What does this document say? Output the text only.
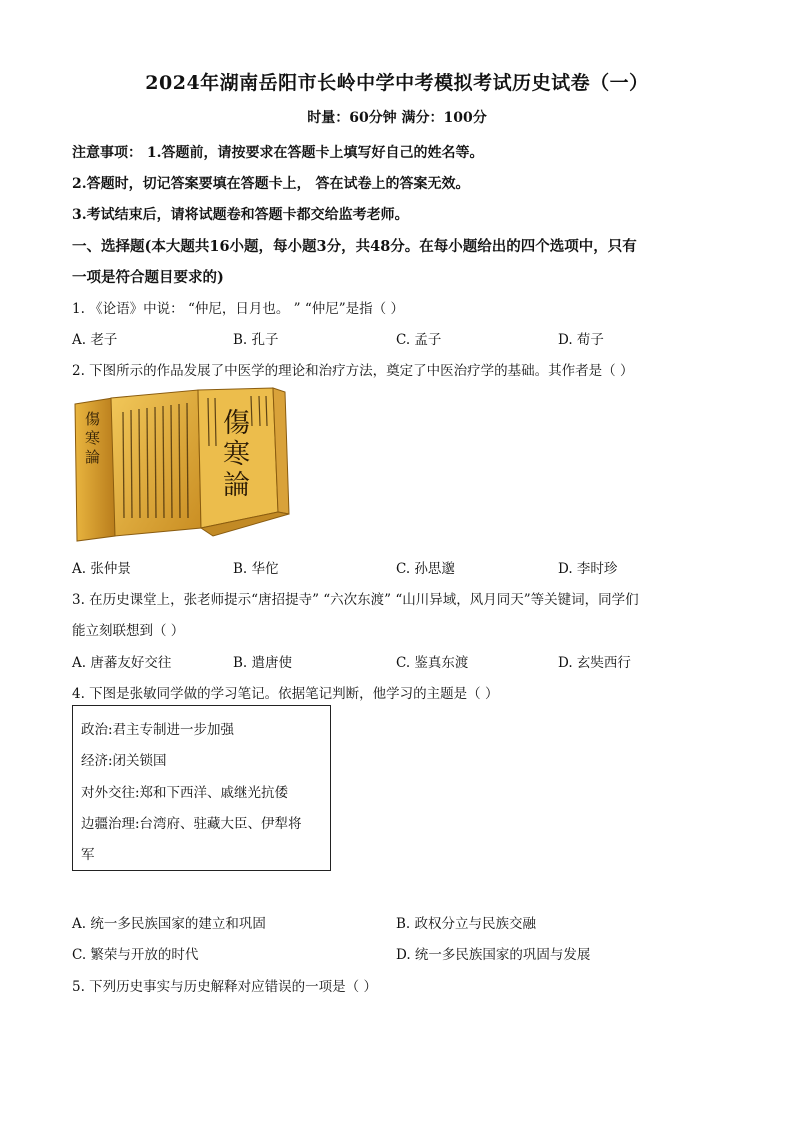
2024年湖南岳阳市长岭中学中考模拟考试历史试卷（一）
时量：60分钟 满分：100分
注意事项： 1.答题前，请按要求在答题卡上填写好自己的姓名等。
2.答题时，切记答案要填在答题卡上， 答在试卷上的答案无效。
3.考试结束后，请将试题卷和答题卡都交给监考老师。
一、选择题(本大题共16小题，每小题3分，共48分。在每小题给出的四个选项中，只有
一项是符合题目要求的)
1. 《论语》中说： “仲尼，日月也。 ” “仲尼”是指（ ）
A. 老子	B. 孔子	C. 孟子	D. 荀子
2. 下图所示的作品发展了中医学的理论和治疗方法，奠定了中医治疗学的基础。其作者是（ ）
傷寒論
傷寒論
A. 张仲景	B. 华佗	C. 孙思邈	D. 李时珍
3. 在历史课堂上，张老师提示“唐招提寺” “六次东渡” “山川异域，风月同天”等关键词，同学们
能立刻联想到（ ）
A. 唐蕃友好交往	B. 遣唐使	C. 鉴真东渡	D. 玄奘西行
4. 下图是张敏同学做的学习笔记。依据笔记判断，他学习的主题是（ ）
政治:君主专制进一步加强
经济:闭关锁国
对外交往:郑和下西洋、戚继光抗倭
边疆治理:台湾府、驻藏大臣、伊犁将
军
A. 统一多民族国家的建立和巩固	B. 政权分立与民族交融
C. 繁荣与开放的时代	D. 统一多民族国家的巩固与发展
5. 下列历史事实与历史解释对应错误的一项是（ ）
